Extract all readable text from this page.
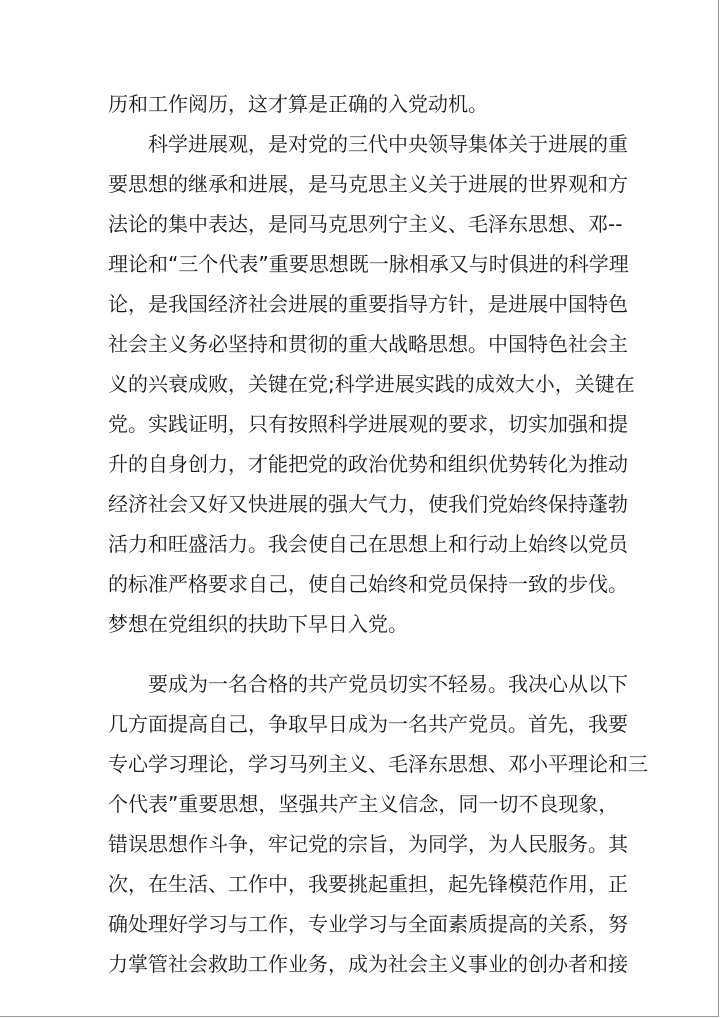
历和工作阅历，这才算是正确的入党动机。
科学进展观，是对党的三代中央领导集体关于进展的重
要思想的继承和进展，是马克思主义关于进展的世界观和方
法论的集中表达，是同马克思列宁主义、毛泽东思想、邓--
理论和“三个代表”重要思想既一脉相承又与时俱进的科学理
论，是我国经济社会进展的重要指导方针，是进展中国特色
社会主义务必坚持和贯彻的重大战略思想。中国特色社会主
义的兴衰成败，关键在党;科学进展实践的成效大小，关键在
党。实践证明，只有按照科学进展观的要求，切实加强和提
升的自身创力，才能把党的政治优势和组织优势转化为推动
经济社会又好又快进展的强大气力，使我们党始终保持蓬勃
活力和旺盛活力。我会使自己在思想上和行动上始终以党员
的标准严格要求自己，使自己始终和党员保持一致的步伐。
梦想在党组织的扶助下早日入党。
要成为一名合格的共产党员切实不轻易。我决心从以下
几方面提高自己，争取早日成为一名共产党员。首先，我要
专心学习理论，学习马列主义、毛泽东思想、邓小平理论和三
个代表”重要思想，坚强共产主义信念，同一切不良现象，
错误思想作斗争，牢记党的宗旨，为同学，为人民服务。其
次，在生活、工作中，我要挑起重担，起先锋模范作用，正
确处理好学习与工作，专业学习与全面素质提高的关系，努
力掌管社会救助工作业务，成为社会主义事业的创办者和接
